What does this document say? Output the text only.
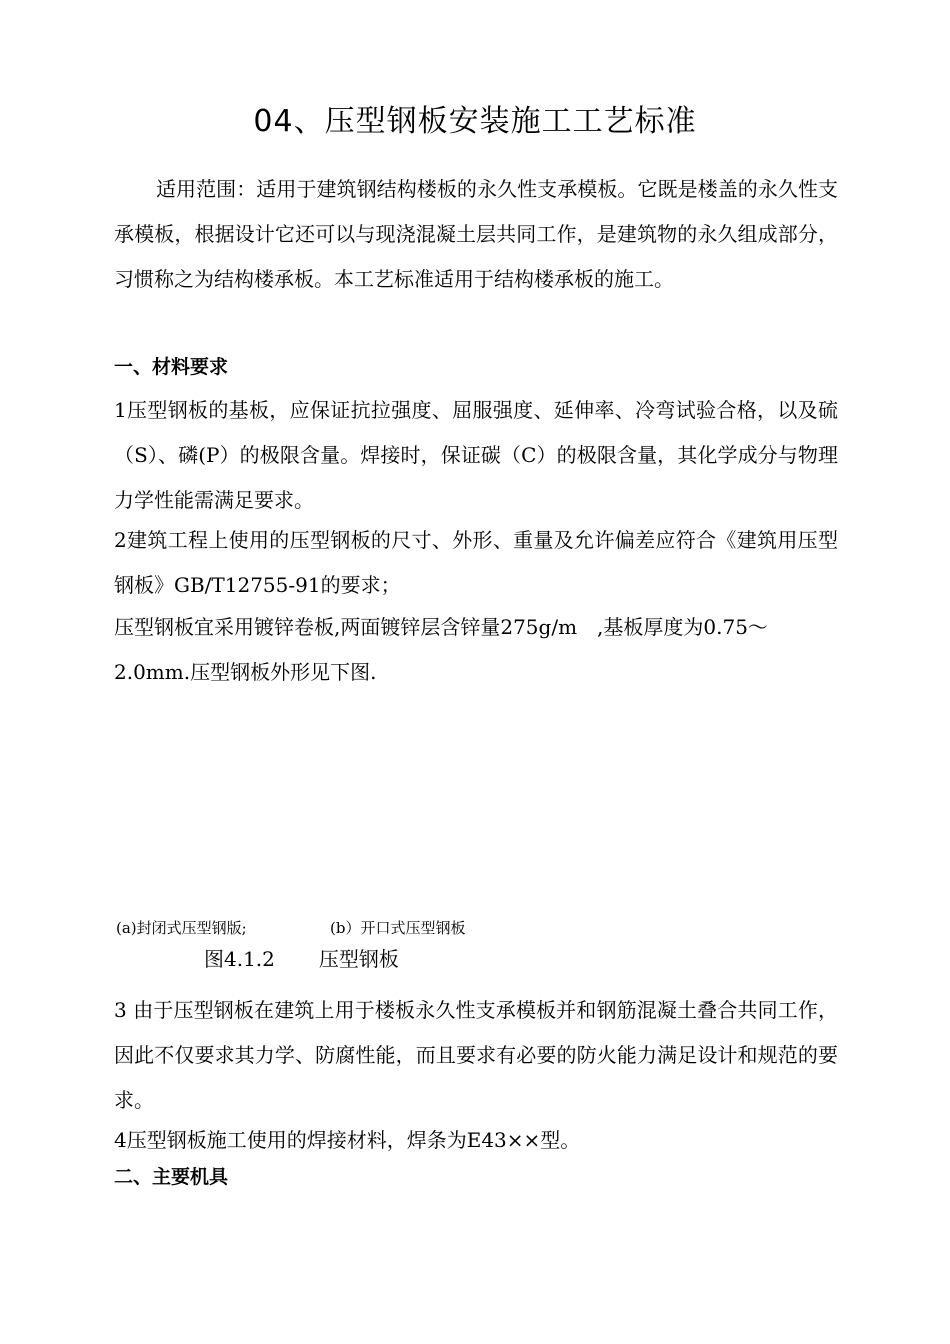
04、压型钢板安装施工工艺标准

适用范围：适用于建筑钢结构楼板的永久性支承模板。它既是楼盖的永久性支承模板，根据设计它还可以与现浇混凝土层共同工作，是建筑物的永久组成部分，习惯称之为结构楼承板。本工艺标准适用于结构楼承板的施工。

一、材料要求

1压型钢板的基板，应保证抗拉强度、屈服强度、延伸率、冷弯试验合格，以及硫（S）、磷(P）的极限含量。焊接时，保证碳（C）的极限含量，其化学成分与物理力学性能需满足要求。

2建筑工程上使用的压型钢板的尺寸、外形、重量及允许偏差应符合《建筑用压型钢板》GB/T12755-91的要求；

压型钢板宜采用镀锌卷板,两面镀锌层含锌量275g/m　,基板厚度为0.75～

2.0mm.压型钢板外形见下图.

(a)封闭式压型钢版;	(b）开口式压型钢板
图4.1.2 压型钢板

3 由于压型钢板在建筑上用于楼板永久性支承模板并和钢筋混凝土叠合共同工作，因此不仅要求其力学、防腐性能，而且要求有必要的防火能力满足设计和规范的要求。

4压型钢板施工使用的焊接材料，焊条为E43××型。

二、主要机具
